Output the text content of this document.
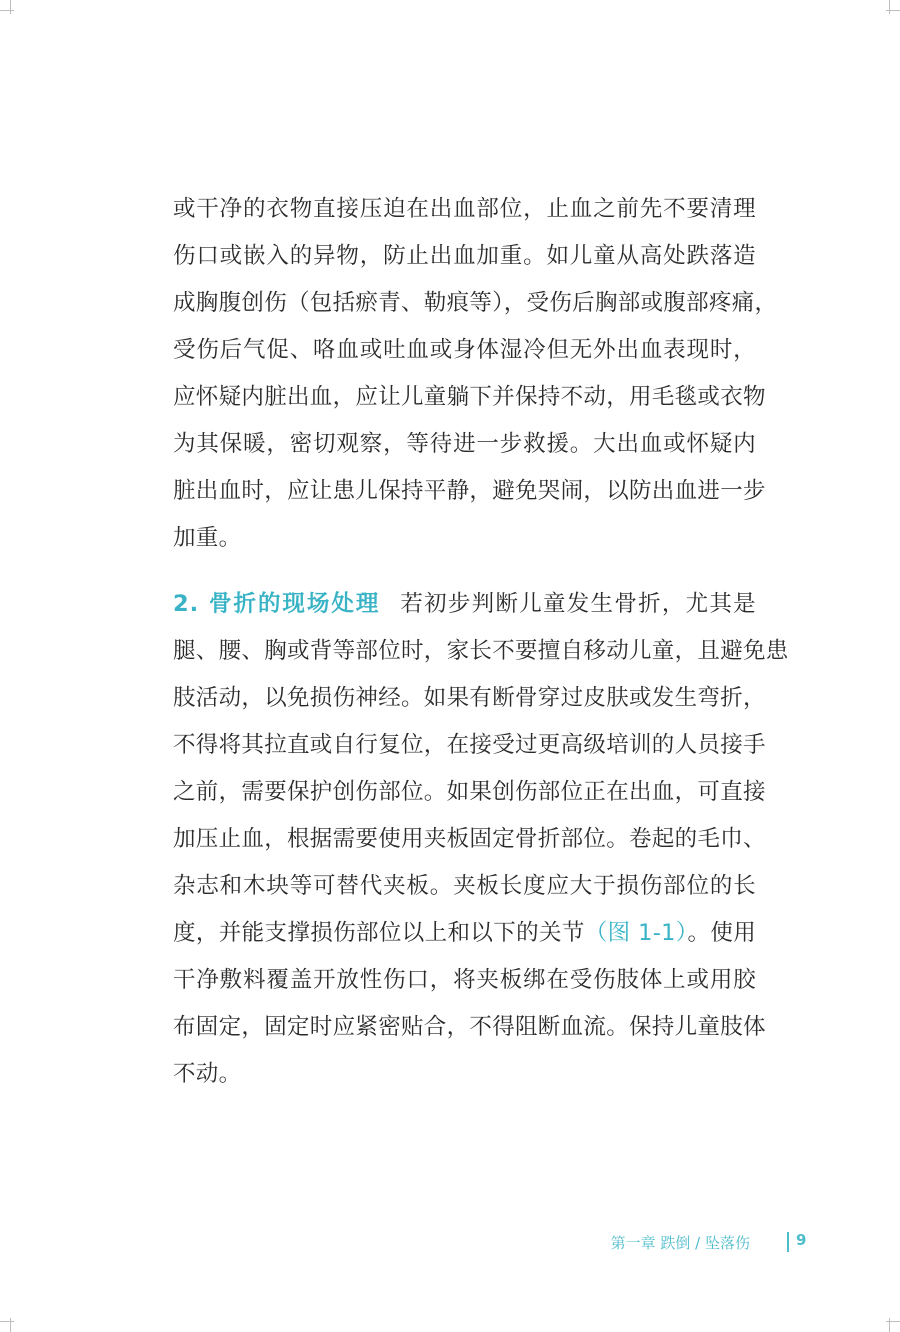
或干净的衣物直接压迫在出血部位，止血之前先不要清理
伤口或嵌入的异物，防止出血加重。如儿童从高处跌落造
成胸腹创伤（包括瘀青、勒痕等），受伤后胸部或腹部疼痛，
受伤后气促、咯血或吐血或身体湿冷但无外出血表现时，
应怀疑内脏出血，应让儿童躺下并保持不动，用毛毯或衣物
为其保暖，密切观察，等待进一步救援。大出血或怀疑内
脏出血时，应让患儿保持平静，避免哭闹，以防出血进一步
加重。
2. 骨折的现场处理 若初步判断儿童发生骨折，尤其是
腿、腰、胸或背等部位时，家长不要擅自移动儿童，且避免患
肢活动，以免损伤神经。如果有断骨穿过皮肤或发生弯折，
不得将其拉直或自行复位，在接受过更高级培训的人员接手
之前，需要保护创伤部位。如果创伤部位正在出血，可直接
加压止血，根据需要使用夹板固定骨折部位。卷起的毛巾、
杂志和木块等可替代夹板。夹板长度应大于损伤部位的长
度，并能支撑损伤部位以上和以下的关节（图 1-1）。使用
干净敷料覆盖开放性伤口，将夹板绑在受伤肢体上或用胶
布固定，固定时应紧密贴合，不得阻断血流。保持儿童肢体
不动。
第一章 跌倒 / 坠落伤	9
